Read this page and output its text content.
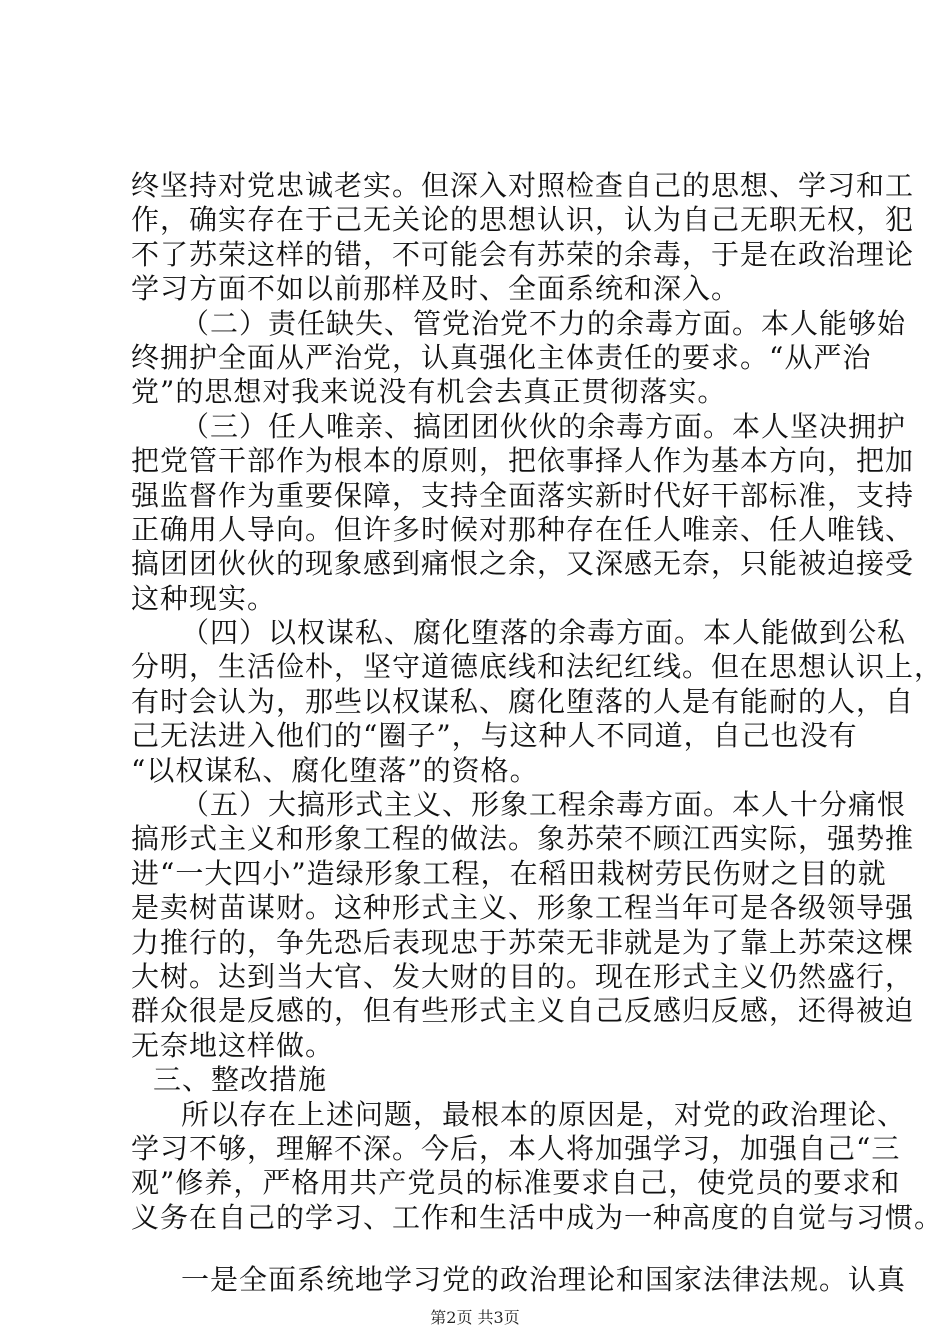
终坚持对党忠诚老实。但深入对照检查自己的思想、学习和工
作，确实存在于己无关论的思想认识，认为自己无职无权，犯
不了苏荣这样的错，不可能会有苏荣的余毒，于是在政治理论
学习方面不如以前那样及时、全面系统和深入。
（二）责任缺失、管党治党不力的余毒方面。本人能够始
终拥护全面从严治党，认真强化主体责任的要求。“从严治
党”的思想对我来说没有机会去真正贯彻落实。
（三）任人唯亲、搞团团伙伙的余毒方面。本人坚决拥护
把党管干部作为根本的原则，把依事择人作为基本方向，把加
强监督作为重要保障，支持全面落实新时代好干部标准，支持
正确用人导向。但许多时候对那种存在任人唯亲、任人唯钱、
搞团团伙伙的现象感到痛恨之余，又深感无奈，只能被迫接受
这种现实。
（四）以权谋私、腐化堕落的余毒方面。本人能做到公私
分明，生活俭朴，坚守道德底线和法纪红线。但在思想认识上，
有时会认为，那些以权谋私、腐化堕落的人是有能耐的人，自
己无法进入他们的“圈子”，与这种人不同道，自己也没有
“以权谋私、腐化堕落”的资格。
（五）大搞形式主义、形象工程余毒方面。本人十分痛恨
搞形式主义和形象工程的做法。象苏荣不顾江西实际，强势推
进“一大四小”造绿形象工程，在稻田栽树劳民伤财之目的就
是卖树苗谋财。这种形式主义、形象工程当年可是各级领导强
力推行的，争先恐后表现忠于苏荣无非就是为了靠上苏荣这棵
大树。达到当大官、发大财的目的。现在形式主义仍然盛行，
群众很是反感的，但有些形式主义自己反感归反感，还得被迫
无奈地这样做。
三、整改措施
所以存在上述问题，最根本的原因是，对党的政治理论、
学习不够，理解不深。今后，本人将加强学习，加强自己“三
观”修养，严格用共产党员的标准要求自己，使党员的要求和
义务在自己的学习、工作和生活中成为一种高度的自觉与习惯。
一是全面系统地学习党的政治理论和国家法律法规。认真
第2页 共3页
